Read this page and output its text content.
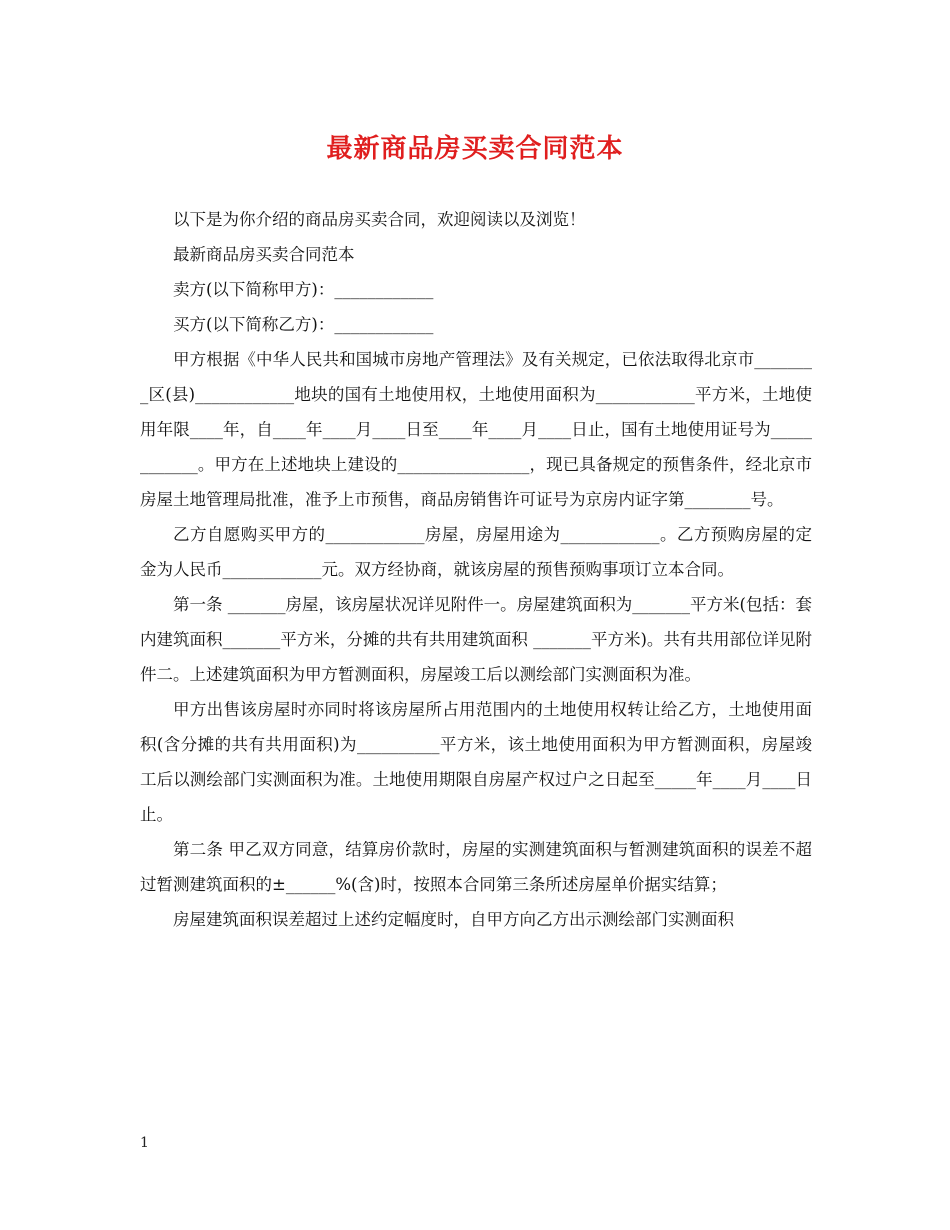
最新商品房买卖合同范本

以下是为你介绍的商品房买卖合同，欢迎阅读以及浏览！

最新商品房买卖合同范本

卖方(以下简称甲方)：____________

买方(以下简称乙方)：____________

甲方根据《中华人民共和国城市房地产管理法》及有关规定，已依法取得北京市________区(县)____________地块的国有土地使用权，土地使用面积为____________平方米，土地使用年限____年，自____年____月____日至____年____月____日止，国有土地使用证号为____________。甲方在上述地块上建设的________________，现已具备规定的预售条件，经北京市房屋土地管理局批准，准予上市预售，商品房销售许可证号为京房内证字第________号。

乙方自愿购买甲方的____________房屋，房屋用途为____________。乙方预购房屋的定金为人民币____________元。双方经协商，就该房屋的预售预购事项订立本合同。

第一条 _______房屋，该房屋状况详见附件一。房屋建筑面积为_______平方米(包括：套内建筑面积_______平方米，分摊的共有共用建筑面积 _______平方米)。共有共用部位详见附件二。上述建筑面积为甲方暂测面积，房屋竣工后以测绘部门实测面积为准。

甲方出售该房屋时亦同时将该房屋所占用范围内的土地使用权转让给乙方，土地使用面积(含分摊的共有共用面积)为__________平方米，该土地使用面积为甲方暂测面积，房屋竣工后以测绘部门实测面积为准。土地使用期限自房屋产权过户之日起至_____年____月____日止。

第二条 甲乙双方同意，结算房价款时，房屋的实测建筑面积与暂测建筑面积的误差不超过暂测建筑面积的±______%(含)时，按照本合同第三条所述房屋单价据实结算；

房屋建筑面积误差超过上述约定幅度时，自甲方向乙方出示测绘部门实测面积

1
